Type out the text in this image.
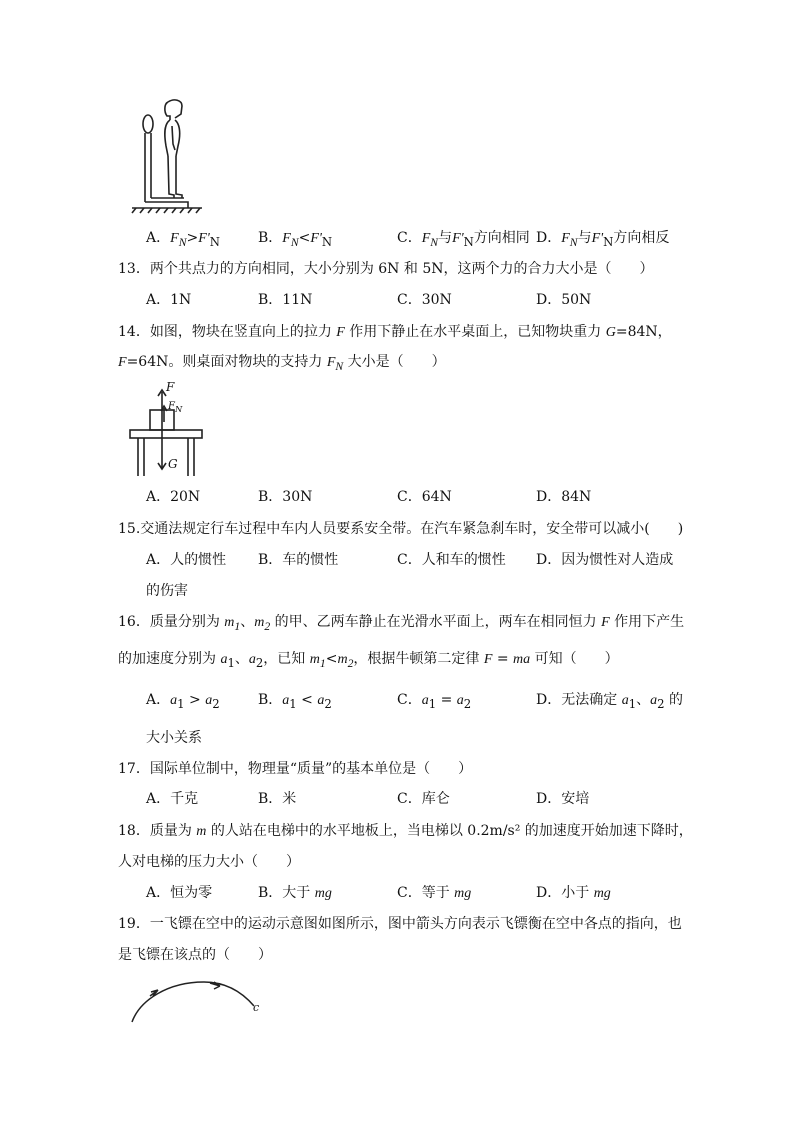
A．$F_N>F'_N$	B．$F_N<F'_N$	C．$F_N$与$F'_N$方向相同 D．$F_N$与$F'_N$方向相反
13．两个共点力的方向相同，大小分别为 6N 和 5N，这两个力的合力大小是（　　）
A．1N	B．11N	C．30N	D．50N
14．如图，物块在竖直向上的拉力 F 作用下静止在水平桌面上，已知物块重力 G=84N，
F=64N。则桌面对物块的支持力 $F_N$ 大小是（　　）
F
$F_N$
G
A．20N	B．30N	C．64N	D．84N
15.交通法规定行车过程中车内人员要系安全带。在汽车紧急刹车时，安全带可以减小(　　)
A．人的惯性 B．车的惯性	C．人和车的惯性 D．因为惯性对人造成
的伤害
16．质量分别为 $m_1$、$m_2$ 的甲、乙两车静止在光滑水平面上，两车在相同恒力 F 作用下产生
的加速度分别为 $a_1$、$a_2$，已知 $m_1<m_2$，根据牛顿第二定律 F = ma 可知（　　）
A．$a_1 > a_2$	B．$a_1 < a_2$	C．$a_1 = a_2$	D．无法确定 $a_1$、$a_2$ 的
大小关系
17．国际单位制中，物理量“质量”的基本单位是（　　）
A．千克	B．米	C．库仑	D．安培
18．质量为 m 的人站在电梯中的水平地板上，当电梯以 0.2m/s² 的加速度开始加速下降时，
人对电梯的压力大小（　　）
A．恒为零	B．大于 mg	C．等于 mg	D．小于 mg
19．一飞镖在空中的运动示意图如图所示，图中箭头方向表示飞镖衡在空中各点的指向，也
是飞镖在该点的（　　）
c
